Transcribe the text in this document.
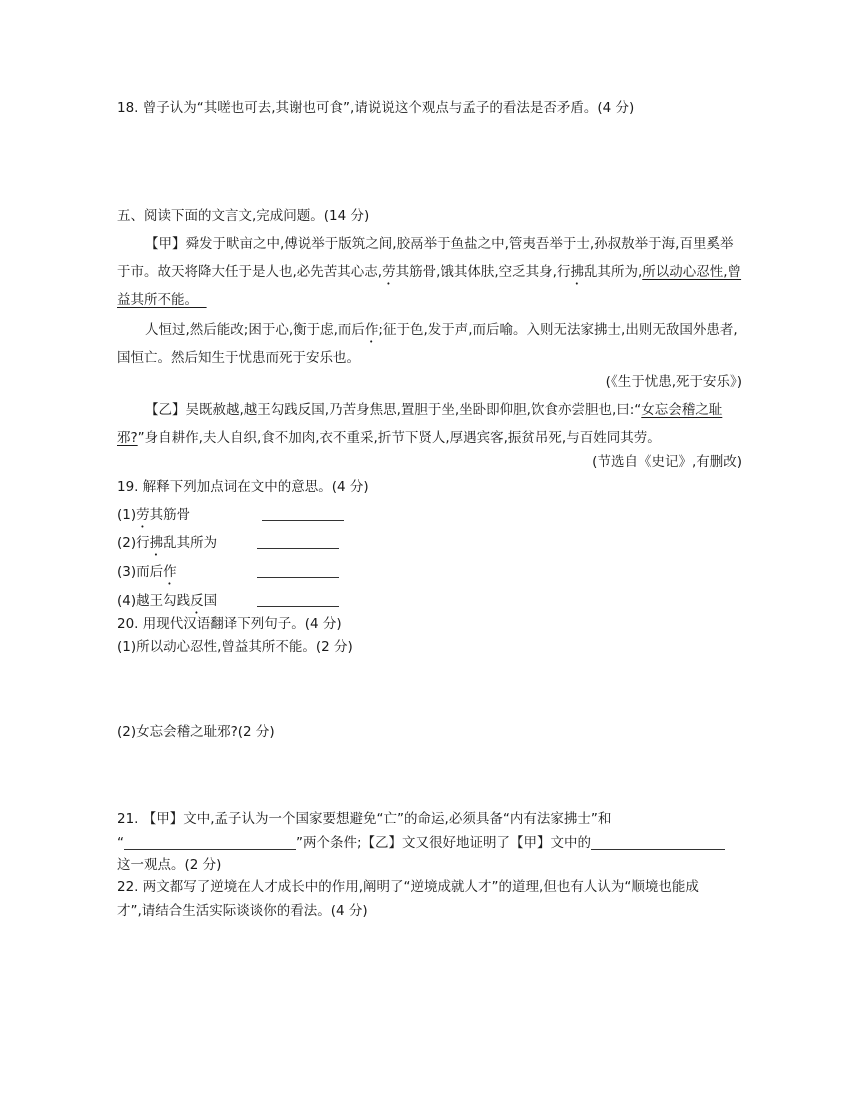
18. 曾子认为“其嗟也可去,其谢也可食”,请说说这个观点与孟子的看法是否矛盾。(4 分)
五、阅读下面的文言文,完成问题。(14 分)
【甲】舜发于畎亩之中,傅说举于版筑之间,胶鬲举于鱼盐之中,管夷吾举于士,孙叔敖举于海,百里奚举
于市。故天将降大任于是人也,必先苦其心志,劳其筋骨,饿其体肤,空乏其身,行拂乱其所为,所以动心忍性,曾
益其所不能。
人恒过,然后能改;困于心,衡于虑,而后作;征于色,发于声,而后喻。入则无法家拂士,出则无敌国外患者,
国恒亡。然后知生于忧患而死于安乐也。
(《生于忧患,死于安乐》)
【乙】吴既赦越,越王勾践反国,乃苦身焦思,置胆于坐,坐卧即仰胆,饮食亦尝胆也,曰:“女忘会稽之耻
邪?”身自耕作,夫人自织,食不加肉,衣不重采,折节下贤人,厚遇宾客,振贫吊死,与百姓同其劳。
(节选自《史记》,有删改)
19. 解释下列加点词在文中的意思。(4 分)
(1)劳其筋骨
(2)行拂乱其所为
(3)而后作
(4)越王勾践反国
20. 用现代汉语翻译下列句子。(4 分)
(1)所以动心忍性,曾益其所不能。(2 分)
(2)女忘会稽之耻邪?(2 分)
21. 【甲】文中,孟子认为一个国家要想避免“亡”的命运,必须具备“内有法家拂士”和
“	”两个条件;【乙】文又很好地证明了【甲】文中的
这一观点。(2 分)
22. 两文都写了逆境在人才成长中的作用,阐明了“逆境成就人才”的道理,但也有人认为“顺境也能成
才”,请结合生活实际谈谈你的看法。(4 分)
